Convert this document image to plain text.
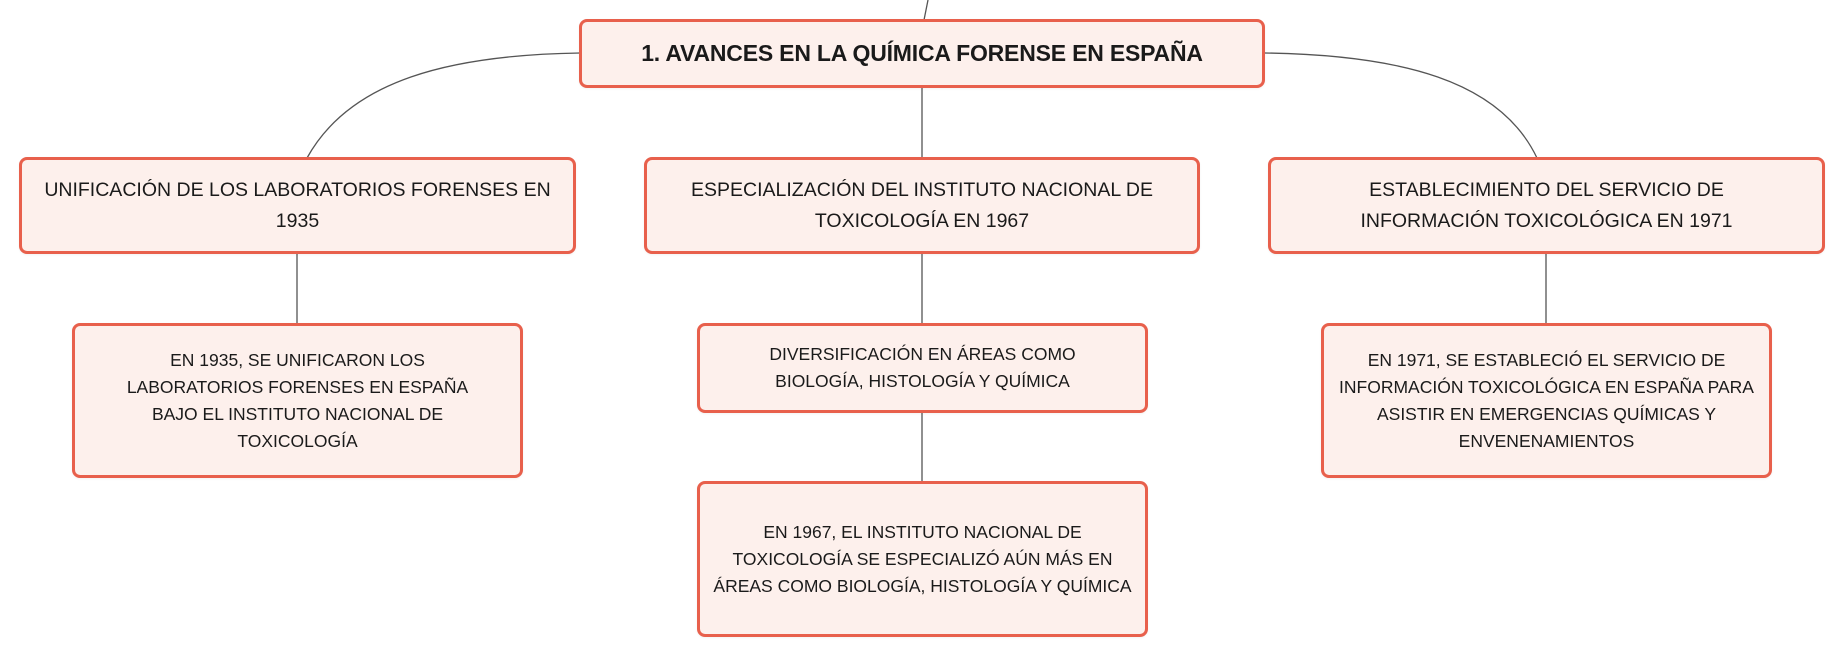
1. AVANCES EN LA QUÍMICA FORENSE EN ESPAÑA
UNIFICACIÓN DE LOS LABORATORIOS FORENSES EN 1935
ESPECIALIZACIÓN DEL INSTITUTO NACIONAL DE TOXICOLOGÍA EN 1967
ESTABLECIMIENTO DEL SERVICIO DE INFORMACIÓN TOXICOLÓGICA EN 1971
EN 1935, SE UNIFICARON LOS LABORATORIOS FORENSES EN ESPAÑA BAJO EL INSTITUTO NACIONAL DE TOXICOLOGÍA
DIVERSIFICACIÓN EN ÁREAS COMO BIOLOGÍA, HISTOLOGÍA Y QUÍMICA
EN 1967, EL INSTITUTO NACIONAL DE TOXICOLOGÍA SE ESPECIALIZÓ AÚN MÁS EN ÁREAS COMO BIOLOGÍA, HISTOLOGÍA Y QUÍMICA
EN 1971, SE ESTABLECIÓ EL SERVICIO DE INFORMACIÓN TOXICOLÓGICA EN ESPAÑA PARA ASISTIR EN EMERGENCIAS QUÍMICAS Y ENVENENAMIENTOS
